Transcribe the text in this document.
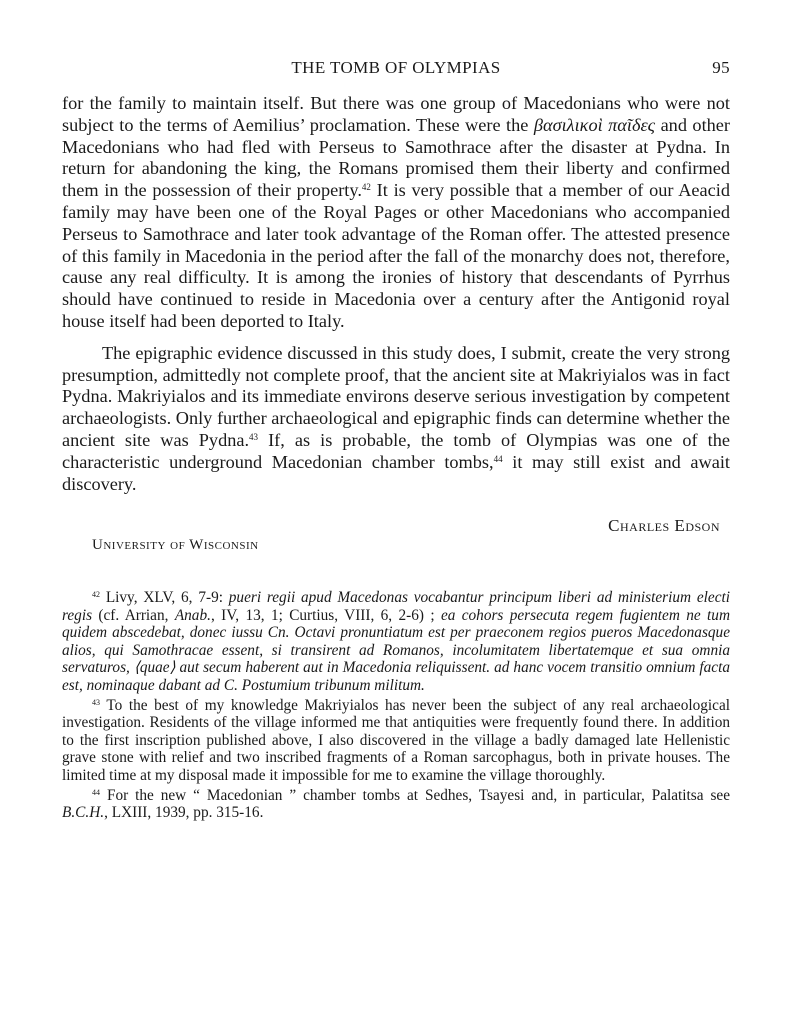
THE TOMB OF OLYMPIAS	95

for the family to maintain itself. But there was one group of Macedonians who were not subject to the terms of Aemilius’ proclamation. These were the βασιλικοὶ παῖδες and other Macedonians who had fled with Perseus to Samothrace after the disaster at Pydna. In return for abandoning the king, the Romans promised them their liberty and confirmed them in the possession of their property.$^{42}$ It is very possible that a member of our Aeacid family may have been one of the Royal Pages or other Macedonians who accompanied Perseus to Samothrace and later took advantage of the Roman offer. The attested presence of this family in Macedonia in the period after the fall of the monarchy does not, therefore, cause any real difficulty. It is among the ironies of history that descendants of Pyrrhus should have continued to reside in Macedonia over a century after the Antigonid royal house itself had been deported to Italy.

The epigraphic evidence discussed in this study does, I submit, create the very strong presumption, admittedly not complete proof, that the ancient site at Makriyialos was in fact Pydna. Makriyialos and its immediate environs deserve serious investigation by competent archaeologists. Only further archaeological and epigraphic finds can determine whether the ancient site was Pydna.$^{43}$ If, as is probable, the tomb of Olympias was one of the characteristic underground Macedonian chamber tombs,$^{44}$ it may still exist and await discovery.

Charles Edson
University of Wisconsin

$^{42}$ Livy, XLV, 6, 7-9: pueri regii apud Macedonas vocabantur principum liberi ad ministerium electi regis (cf. Arrian, Anab., IV, 13, 1; Curtius, VIII, 6, 2-6) ; ea cohors persecuta regem fugientem ne tum quidem abscedebat, donec iussu Cn. Octavi pronuntiatum est per praeconem regios pueros Macedonasque alios, qui Samothracae essent, si transirent ad Romanos, incolumitatem libertatemque et sua omnia servaturos, ⟨quae⟩ aut secum haberent aut in Macedonia reliquissent. ad hanc vocem transitio omnium facta est, nominaque dabant ad C. Postumium tribunum militum.

$^{43}$ To the best of my knowledge Makriyialos has never been the subject of any real archaeological investigation. Residents of the village informed me that antiquities were frequently found there. In addition to the first inscription published above, I also discovered in the village a badly damaged late Hellenistic grave stone with relief and two inscribed fragments of a Roman sarcophagus, both in private houses. The limited time at my disposal made it impossible for me to examine the village thoroughly.

$^{44}$ For the new “ Macedonian ” chamber tombs at Sedhes, Tsayesi and, in particular, Palatitsa see B.C.H., LXIII, 1939, pp. 315-16.
